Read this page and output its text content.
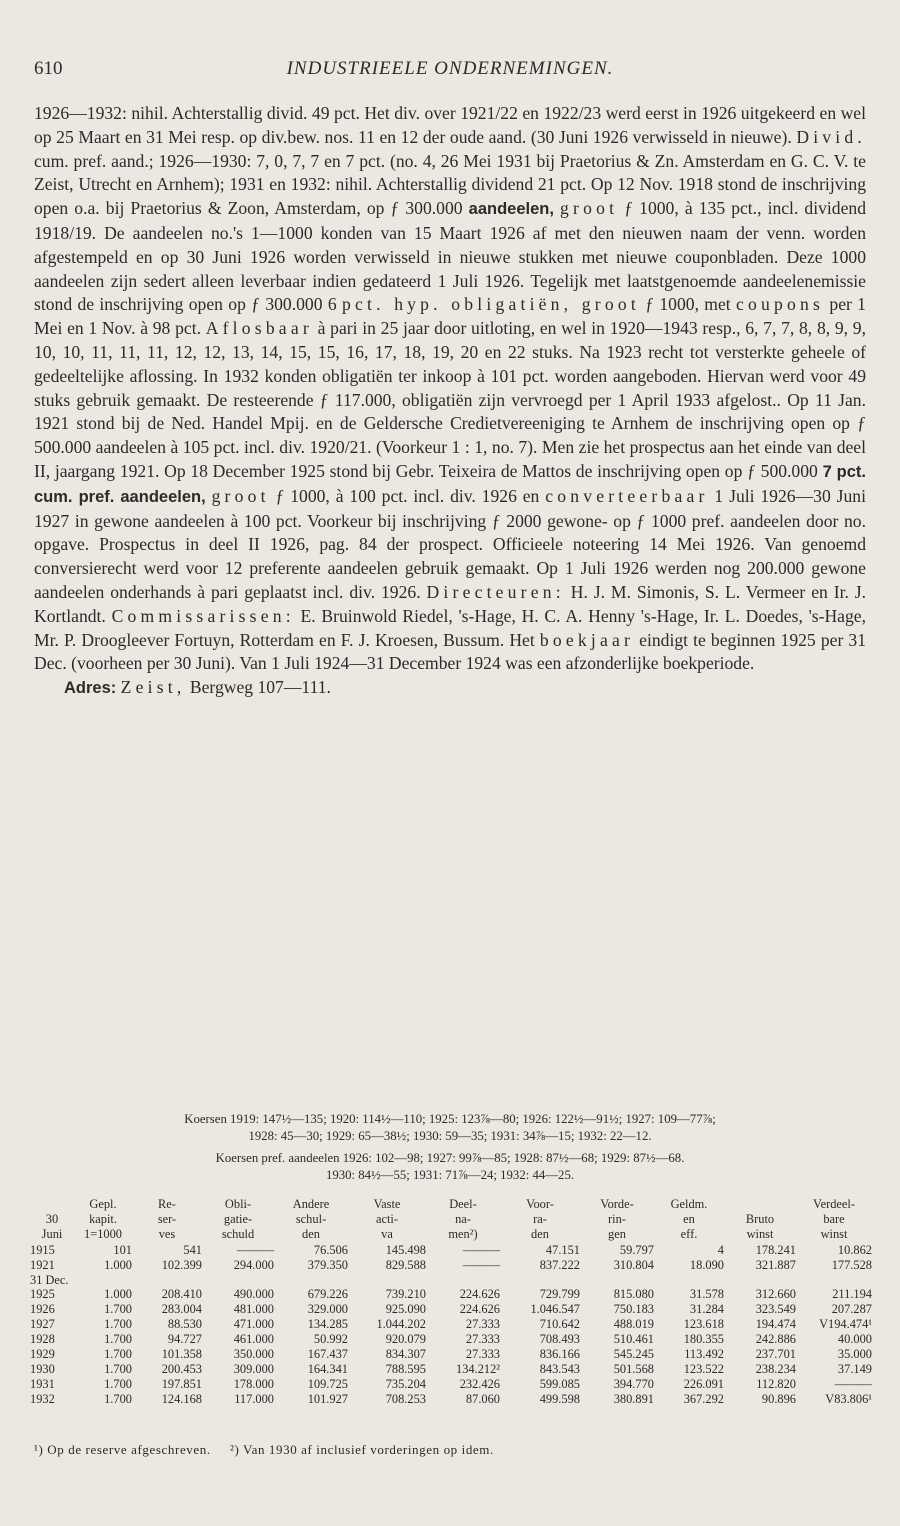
610	INDUSTRIEELE ONDERNEMINGEN.

1926—1932: nihil. Achterstallig divid. 49 pct. Het div. over 1921/22 en 1922/23 werd eerst in 1926 uitgekeerd en wel op 25 Maart en 31 Mei resp. op div.bew. nos. 11 en 12 der oude aand. (30 Juni 1926 verwisseld in nieuwe). Divid. cum. pref. aand.; 1926—1930: 7, 0, 7, 7 en 7 pct. (no. 4, 26 Mei 1931 bij Praetorius & Zn. Amsterdam en G. C. V. te Zeist, Utrecht en Arnhem); 1931 en 1932: nihil. Achterstallig dividend 21 pct. Op 12 Nov. 1918 stond de inschrijving open o.a. bij Praetorius & Zoon, Amsterdam, op ƒ 300.000 aandeelen, groot ƒ 1000, à 135 pct., incl. dividend 1918/19. De aandeelen no.'s 1—1000 konden van 15 Maart 1926 af met den nieuwen naam der venn. worden afgestempeld en op 30 Juni 1926 worden verwisseld in nieuwe stukken met nieuwe couponbladen. Deze 1000 aandeelen zijn sedert alleen leverbaar indien gedateerd 1 Juli 1926. Tegelijk met laatstgenoemde aandeelenemissie stond de inschrijving open op ƒ 300.000 6 pct. hyp. obligatiën, groot ƒ 1000, met coupons per 1 Mei en 1 Nov. à 98 pct. Aflosbaar à pari in 25 jaar door uitloting, en wel in 1920—1943 resp., 6, 7, 7, 8, 8, 9, 9, 10, 10, 11, 11, 11, 12, 12, 13, 14, 15, 15, 16, 17, 18, 19, 20 en 22 stuks. Na 1923 recht tot versterkte geheele of gedeeltelijke aflossing. In 1932 konden obligatiën ter inkoop à 101 pct. worden aangeboden. Hiervan werd voor 49 stuks gebruik gemaakt. De resteerende ƒ 117.000, obligatiën zijn vervroegd per 1 April 1933 afgelost.. Op 11 Jan. 1921 stond bij de Ned. Handel Mpij. en de Geldersche Credietvereeniging te Arnhem de inschrijving open op ƒ 500.000 aandeelen à 105 pct. incl. div. 1920/21. (Voorkeur 1 : 1, no. 7). Men zie het prospectus aan het einde van deel II, jaargang 1921. Op 18 December 1925 stond bij Gebr. Teixeira de Mattos de inschrijving open op ƒ 500.000 7 pct. cum. pref. aandeelen, groot ƒ 1000, à 100 pct. incl. div. 1926 en converteerbaar 1 Juli 1926—30 Juni 1927 in gewone aandeelen à 100 pct. Voorkeur bij inschrijving ƒ 2000 gewone- op ƒ 1000 pref. aandeelen door no. opgave. Prospectus in deel II 1926, pag. 84 der prospect. Officieele noteering 14 Mei 1926. Van genoemd conversierecht werd voor 12 preferente aandeelen gebruik gemaakt. Op 1 Juli 1926 werden nog 200.000 gewone aandeelen onderhands à pari geplaatst incl. div. 1926. Directeuren: H. J. M. Simonis, S. L. Vermeer en Ir. J. Kortlandt. Commissarissen: E. Bruinwold Riedel, 's-Hage, H. C. A. Henny 's-Hage, Ir. L. Doedes, 's-Hage, Mr. P. Droogleever Fortuyn, Rotterdam en F. J. Kroesen, Bussum. Het boekjaar eindigt te beginnen 1925 per 31 Dec. (voorheen per 30 Juni). Van 1 Juli 1924—31 December 1924 was een afzonderlijke boekperiode.

Adres: Zeist, Bergweg 107—111.

Koersen 1919: 147½—135; 1920: 114½—110; 1925: 123⅞—80; 1926: 122½—91½; 1927: 109—77⅞;

1928: 45—30; 1929: 65—38½; 1930: 59—35; 1931: 34⅞—15; 1932: 22—12.

Koersen pref. aandeelen 1926: 102—98; 1927: 99⅞—85; 1928: 87½—68; 1929: 87½—68.

1930: 84½—55; 1931: 71⅞—24; 1932: 44—25.

	Gepl.	Re-	Obli-	Andere	Vaste	Deel-	Voor-	Vorde-	Geldm.		Verdeel-
30	kapit.	ser-	gatie-	schul-	acti-	na-	ra-	rin-	en	Bruto	bare
Juni	1=1000	ves	schuld	den	va	men²)	den	gen	eff.	winst	winst
1915	101	541	———	76.506	145.498	———	47.151	59.797	4	178.241	10.862
1921	1.000	102.399	294.000	379.350	829.588	———	837.222	310.804	18.090	321.887	177.528
31 Dec.											
1925	1.000	208.410	490.000	679.226	739.210	224.626	729.799	815.080	31.578	312.660	211.194
1926	1.700	283.004	481.000	329.000	925.090	224.626	1.046.547	750.183	31.284	323.549	207.287
1927	1.700	88.530	471.000	134.285	1.044.202	27.333	710.642	488.019	123.618	194.474	V194.474¹
1928	1.700	94.727	461.000	50.992	920.079	27.333	708.493	510.461	180.355	242.886	40.000
1929	1.700	101.358	350.000	167.437	834.307	27.333	836.166	545.245	113.492	237.701	35.000
1930	1.700	200.453	309.000	164.341	788.595	134.212²	843.543	501.568	123.522	238.234	37.149
1931	1.700	197.851	178.000	109.725	735.204	232.426	599.085	394.770	226.091	112.820	———
1932	1.700	124.168	117.000	101.927	708.253	87.060	499.598	380.891	367.292	90.896	V83.806¹
¹) Op de reserve afgeschreven. ²) Van 1930 af inclusief vorderingen op idem.
